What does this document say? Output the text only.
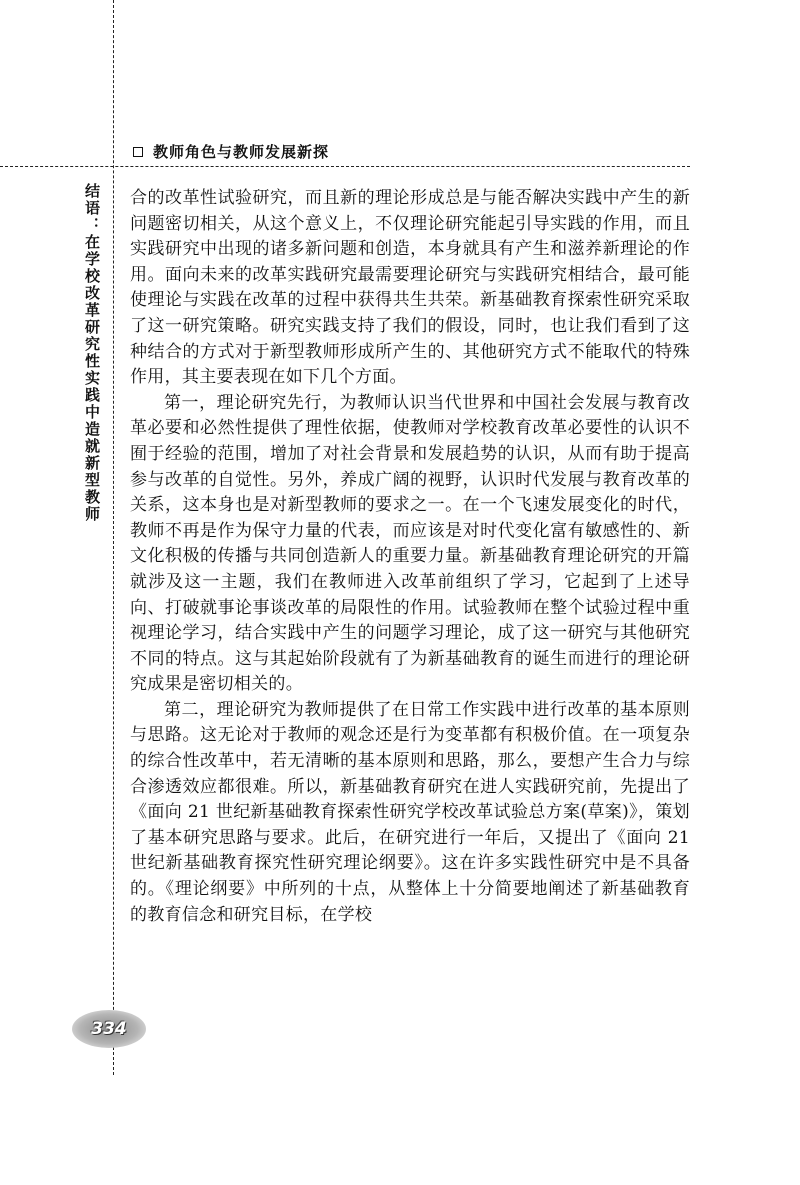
教师角色与教师发展新探
结语：在学校改革研究性实践中造就新型教师 合的改革性试验研究，而且新的理论形成总是与能否解决实践中产生的新问题密切相关，从这个意义上，不仅理论研究能起引导实践的作用，而且实践研究中出现的诸多新问题和创造，本身就具有产生和滋养新理论的作用。面向未来的改革实践研究最需要理论研究与实践研究相结合，最可能使理论与实践在改革的过程中获得共生共荣。新基础教育探索性研究采取了这一研究策略。研究实践支持了我们的假设，同时，也让我们看到了这种结合的方式对于新型教师形成所产生的、其他研究方式不能取代的特殊作用，其主要表现在如下几个方面。

第一，理论研究先行，为教师认识当代世界和中国社会发展与教育改革必要和必然性提供了理性依据，使教师对学校教育改革必要性的认识不囿于经验的范围，增加了对社会背景和发展趋势的认识，从而有助于提高参与改革的自觉性。另外，养成广阔的视野，认识时代发展与教育改革的关系，这本身也是对新型教师的要求之一。在一个飞速发展变化的时代，教师不再是作为保守力量的代表，而应该是对时代变化富有敏感性的、新文化积极的传播与共同创造新人的重要力量。新基础教育理论研究的开篇就涉及这一主题，我们在教师进入改革前组织了学习，它起到了上述导向、打破就事论事谈改革的局限性的作用。试验教师在整个试验过程中重视理论学习，结合实践中产生的问题学习理论，成了这一研究与其他研究不同的特点。这与其起始阶段就有了为新基础教育的诞生而进行的理论研究成果是密切相关的。

第二，理论研究为教师提供了在日常工作实践中进行改革的基本原则与思路。这无论对于教师的观念还是行为变革都有积极价值。在一项复杂的综合性改革中，若无清晰的基本原则和思路，那么，要想产生合力与综合渗透效应都很难。所以，新基础教育研究在进人实践研究前，先提出了《面向 21 世纪新基础教育探索性研究学校改革试验总方案(草案)》，策划了基本研究思路与要求。此后，在研究进行一年后，又提出了《面向 21 世纪新基础教育探究性研究理论纲要》。这在许多实践性研究中是不具备的。《理论纲要》中所列的十点，从整体上十分简要地阐述了新基础教育的教育信念和研究目标，在学校

334
